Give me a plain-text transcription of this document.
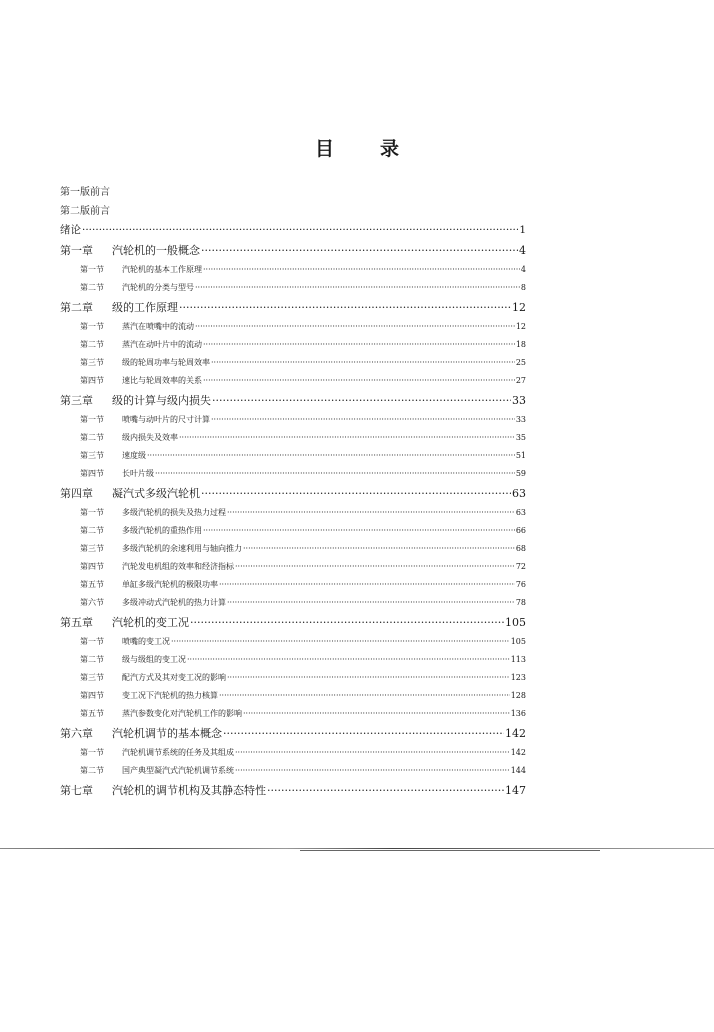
目 录
第一版前言
第二版前言
绪论 ·····	1
第一章	汽轮机的一般概念 ·····	4
第一节	汽轮机的基本工作原理 ·····	4
第二节	汽轮机的分类与型号 ·····	8
第二章	级的工作原理 ·····	12
第一节	蒸汽在喷嘴中的流动 ·····	12
第二节	蒸汽在动叶片中的流动 ·····	18
第三节	级的轮周功率与轮周效率 ·····	25
第四节	速比与轮周效率的关系 ·····	27
第三章	级的计算与级内损失 ·····	33
第一节	喷嘴与动叶片的尺寸计算 ·····	33
第二节	级内损失及效率 ·····	35
第三节	速度级 ·····	51
第四节	长叶片级 ·····	59
第四章	凝汽式多级汽轮机 ·····	63
第一节	多级汽轮机的损失及热力过程 ·····	63
第二节	多级汽轮机的重热作用 ·····	66
第三节	多级汽轮机的余速利用与轴向推力 ·····	68
第四节	汽轮发电机组的效率和经济指标 ·····	72
第五节	单缸多级汽轮机的极限功率 ·····	76
第六节	多级冲动式汽轮机的热力计算 ·····	78
第五章	汽轮机的变工况 ·····	105
第一节	喷嘴的变工况 ·····	105
第二节	级与级组的变工况 ·····	113
第三节	配汽方式及其对变工况的影响 ·····	123
第四节	变工况下汽轮机的热力核算 ·····	128
第五节	蒸汽参数变化对汽轮机工作的影响 ·····	136
第六章	汽轮机调节的基本概念 ·····	142
第一节	汽轮机调节系统的任务及其组成 ·····	142
第二节	国产典型凝汽式汽轮机调节系统 ·····	144
第七章	汽轮机的调节机构及其静态特性 ·····	147
